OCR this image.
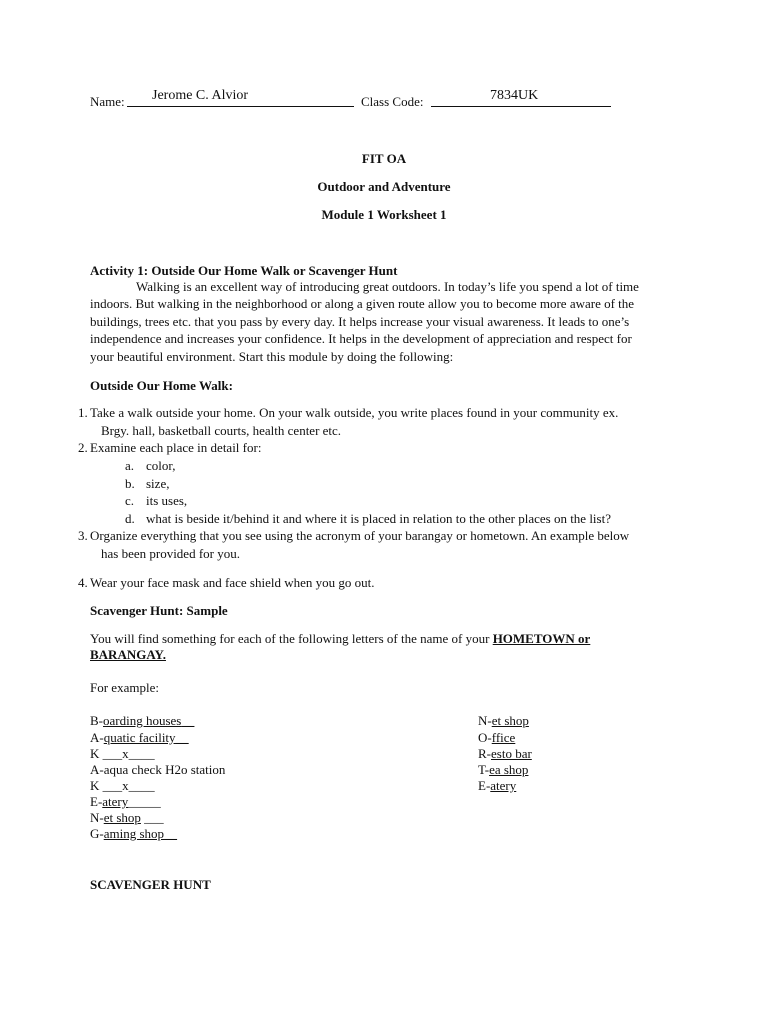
Name: Jerome C. Alvior	Class Code:	7834UK
FIT OA
Outdoor and Adventure
Module 1 Worksheet 1
Activity 1: Outside Our Home Walk or Scavenger Hunt
Walking is an excellent way of introducing great outdoors. In today’s life you spend a lot of time
indoors. But walking in the neighborhood or along a given route allow you to become more aware of the
buildings, trees etc. that you pass by every day. It helps increase your visual awareness. It leads to one’s
independence and increases your confidence. It helps in the development of appreciation and respect for
your beautiful environment. Start this module by doing the following:
Outside Our Home Walk:
1. Take a walk outside your home. On your walk outside, you write places found in your community ex.
Brgy. hall, basketball courts, health center etc.
2. Examine each place in detail for:
a. color,
b. size,
c. its uses,
d. what is beside it/behind it and where it is placed in relation to the other places on the list?
3. Organize everything that you see using the acronym of your barangay or hometown. An example below
has been provided for you.
4. Wear your face mask and face shield when you go out.
Scavenger Hunt: Sample
You will find something for each of the following letters of the name of your HOMETOWN or
BARANGAY.
For example:
B-oarding houses__
A-quatic facility__
K ___x____
A-aqua check H2o station
K ___x____
E-atery_____
N-et shop ___
G-aming shop__
N-et shop
O-ffice
R-esto bar
T-ea shop
E-atery
SCAVENGER HUNT
